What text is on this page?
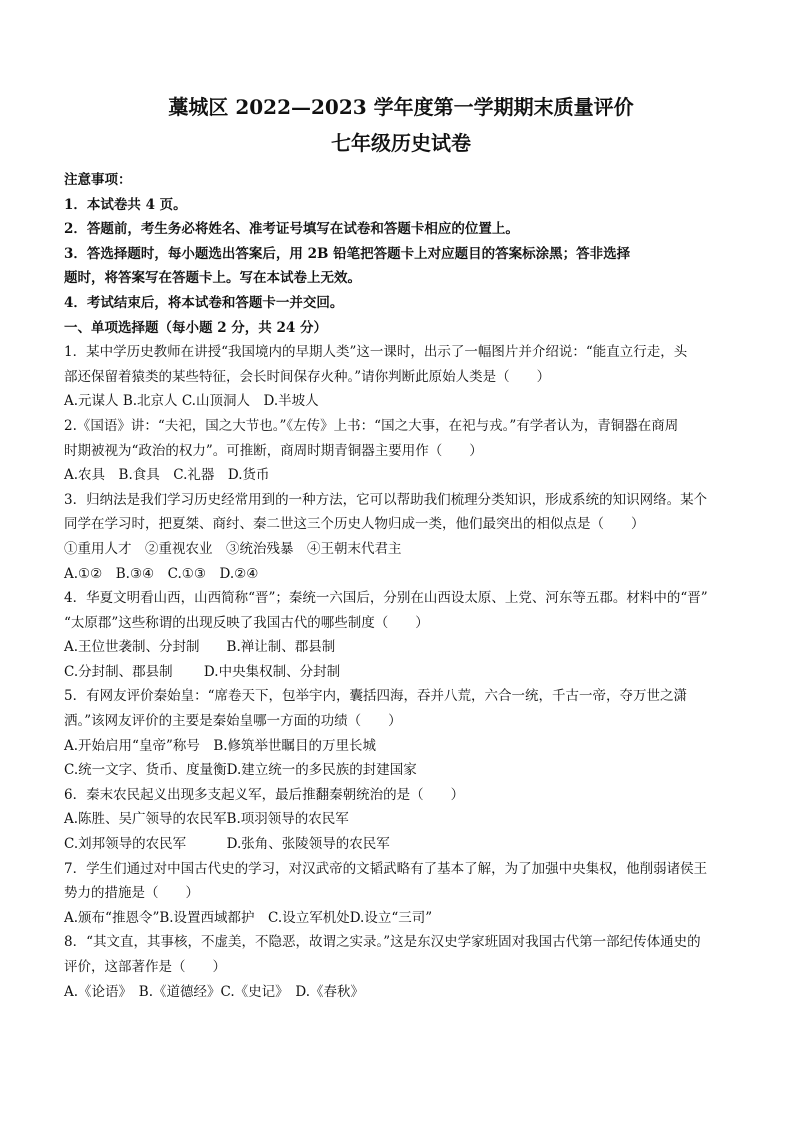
藁城区 2022—2023 学年度第一学期期末质量评价
七年级历史试卷
注意事项：
1．本试卷共 4 页。
2．答题前，考生务必将姓名、准考证号填写在试卷和答题卡相应的位置上。
3．答选择题时，每小题选出答案后，用 2B 铅笔把答题卡上对应题目的答案标涂黑；答非选择
题时，将答案写在答题卡上。写在本试卷上无效。
4．考试结束后，将本试卷和答题卡一并交回。
一、单项选择题（每小题 2 分，共 24 分）
1．某中学历史教师在讲授“我国境内的早期人类”这一课时，出示了一幅图片并介绍说：“能直立行走，头
部还保留着猿类的某些特征，会长时间保存火种。”请你判断此原始人类是（　　）
A.元谋人 B.北京人 C.山顶洞人　D.半坡人
2.《国语》讲：“夫祀，国之大节也。”《左传》上书：“国之大事，在祀与戎。”有学者认为，青铜器在商周
时期被视为“政治的权力”。可推断，商周时期青铜器主要用作（　　）
A.农具　B.食具　C.礼器　D.货币
3．归纳法是我们学习历史经常用到的一种方法，它可以帮助我们梳理分类知识，形成系统的知识网络。某个
同学在学习时，把夏桀、商纣、秦二世这三个历史人物归成一类，他们最突出的相似点是（　　）
①重用人才　②重视农业　③统治残暴　④王朝末代君主
A.①②　B.③④　C.①③　D.②④
4．华夏文明看山西，山西简称“晋”；秦统一六国后，分别在山西设太原、上党、河东等五郡。材料中的“晋”
“太原郡”这些称谓的出现反映了我国古代的哪些制度（　　）
A.王位世袭制、分封制　　B.禅让制、郡县制
C.分封制、郡县制　　 D.中央集权制、分封制
5．有网友评价秦始皇：“席卷天下，包举宇内，囊括四海，吞并八荒，六合一统，千古一帝，夺万世之潇
洒。”该网友评价的主要是秦始皇哪一方面的功绩（　　）
A.开始启用“皇帝”称号　B.修筑举世瞩目的万里长城
C.统一文字、货币、度量衡D.建立统一的多民族的封建国家
6．秦末农民起义出现多支起义军，最后推翻秦朝统治的是（　　）
A.陈胜、吴广领导的农民军B.项羽领导的农民军
C.刘邦领导的农民军　　　D.张角、张陵领导的农民军
7．学生们通过对中国古代史的学习，对汉武帝的文韬武略有了基本了解，为了加强中央集权，他削弱诸侯王
势力的措施是（　　）
A.颁布“推恩令”B.设置西域都护　C.设立军机处D.设立“三司”
8．“其文直，其事核，不虚美，不隐恶，故谓之实录。”这是东汉史学家班固对我国古代第一部纪传体通史的
评价，这部著作是（　　）
A.《论语》　B.《道德经》C.《史记》　D.《春秋》
